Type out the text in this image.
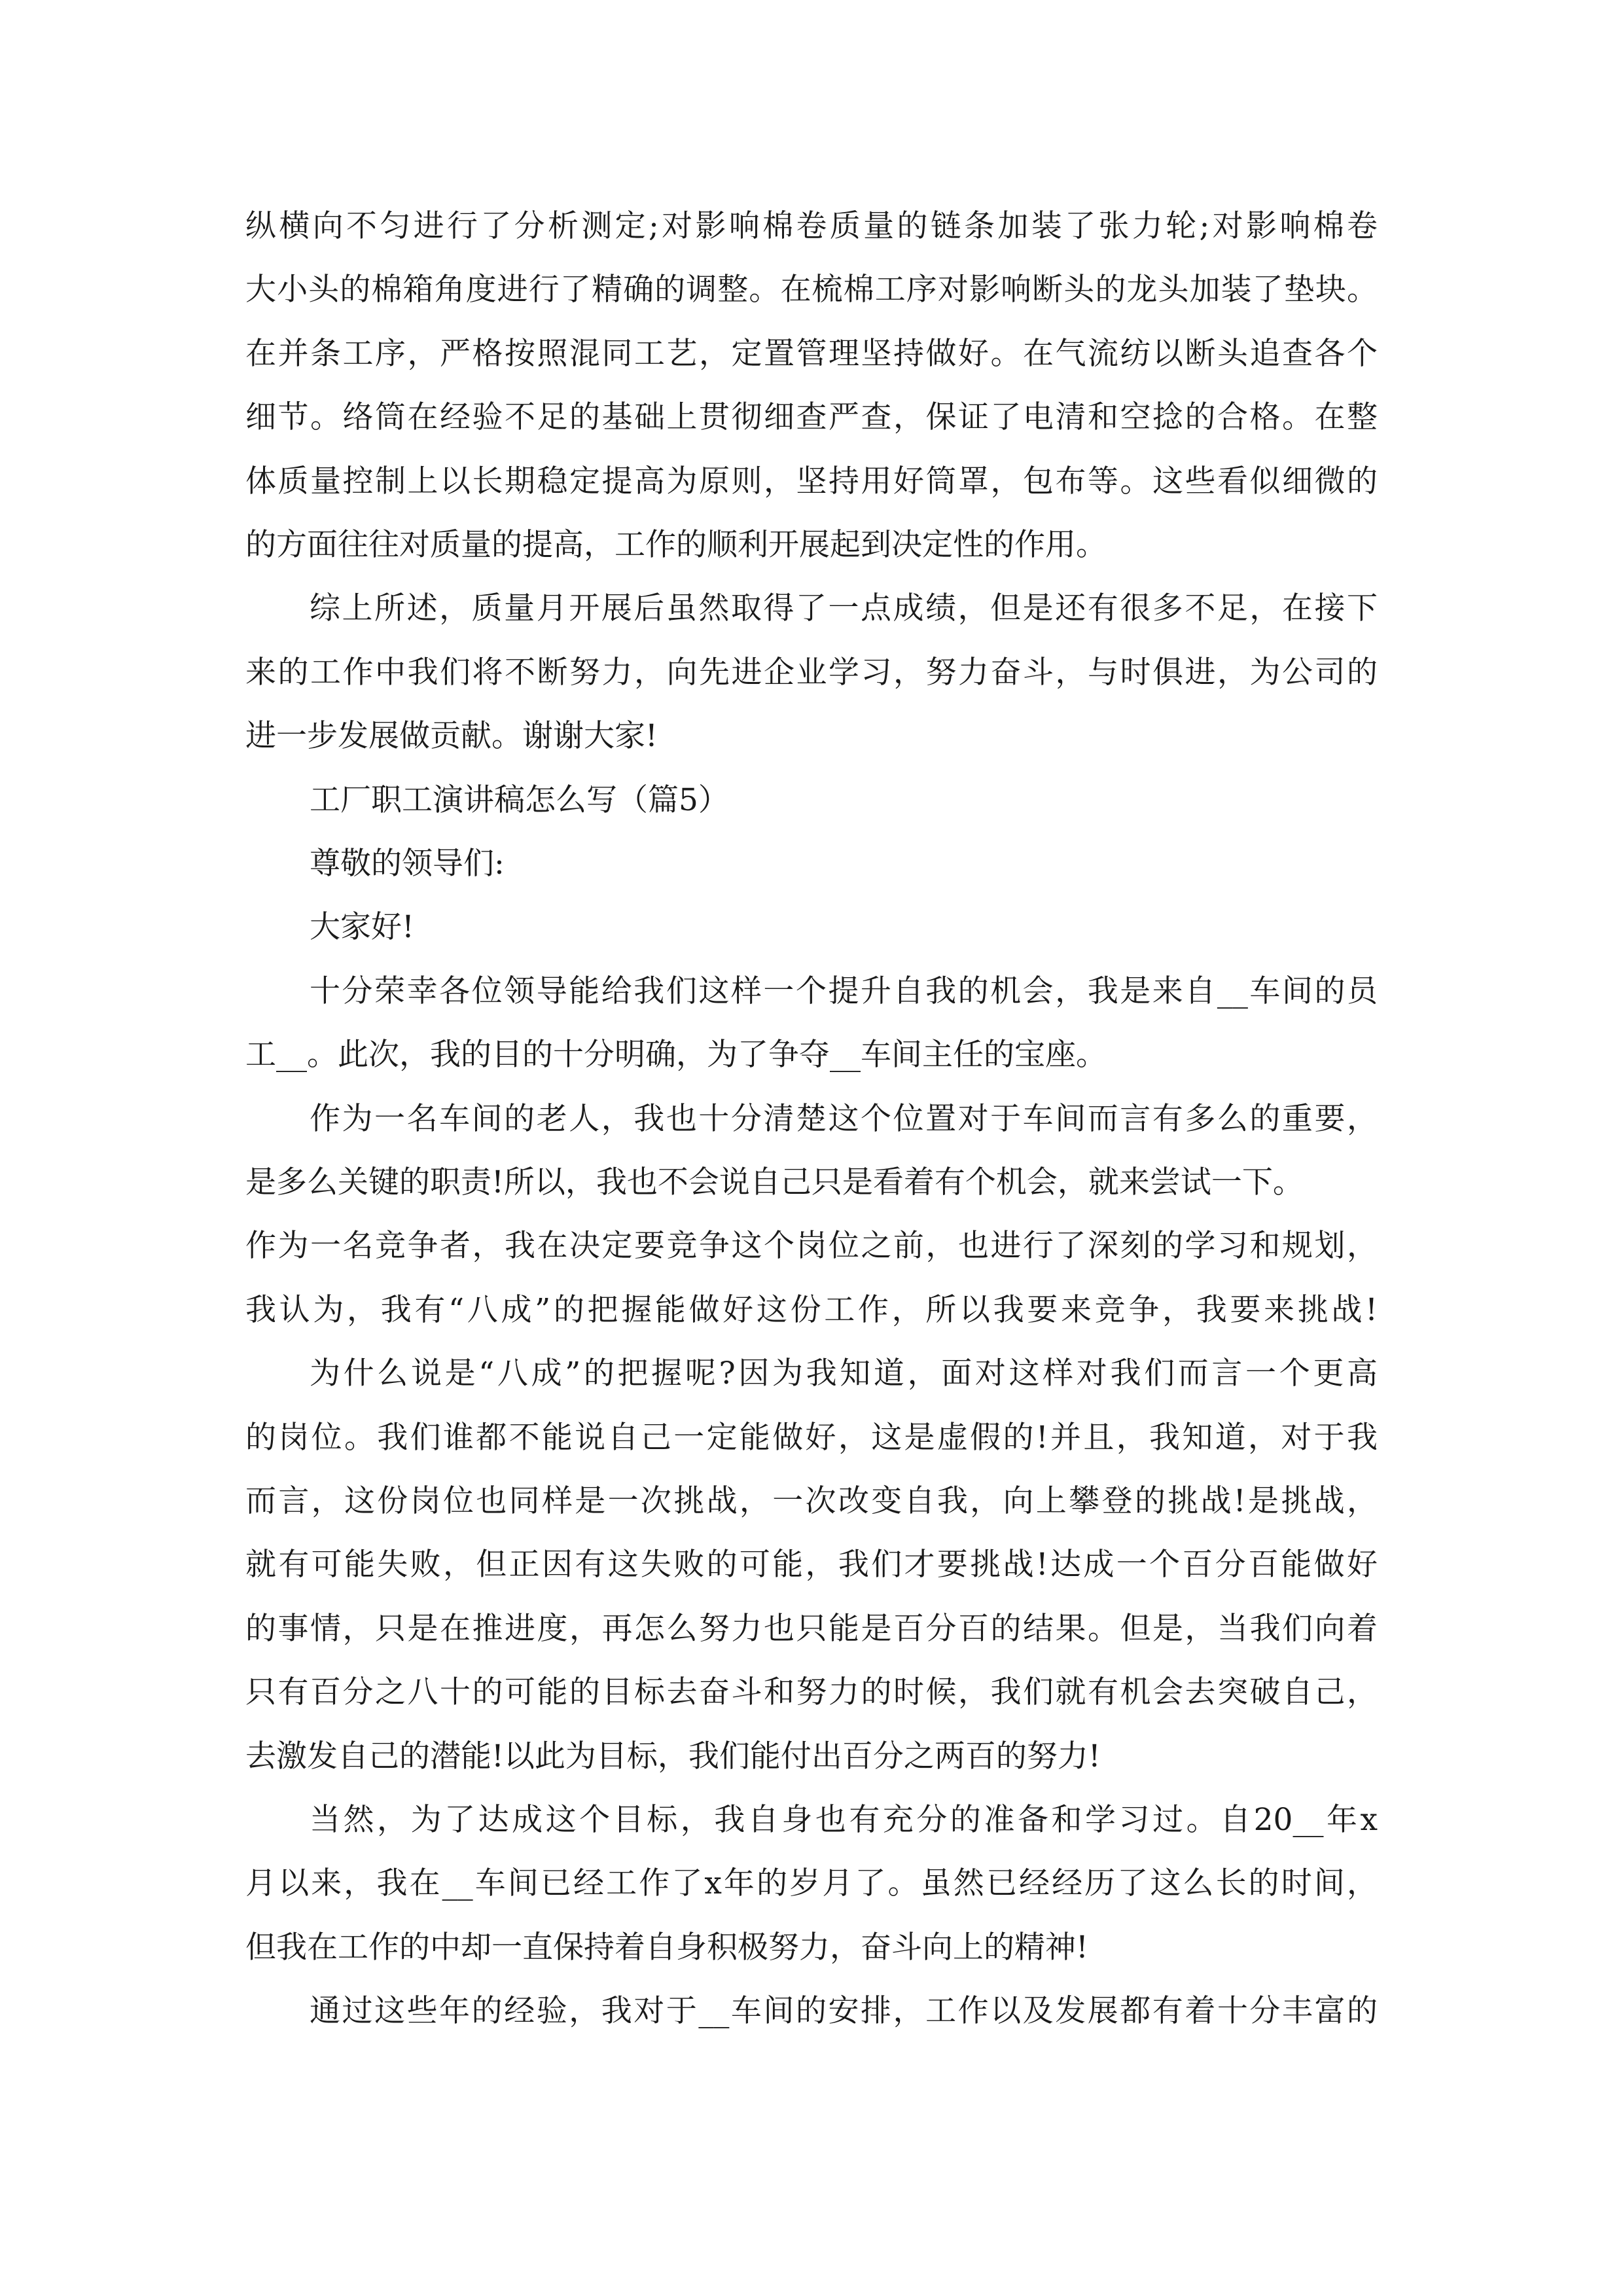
纵横向不匀进行了分析测定;对影响棉卷质量的链条加装了张力轮;对影响棉卷
大小头的棉箱角度进行了精确的调整。在梳棉工序对影响断头的龙头加装了垫块。
在并条工序，严格按照混同工艺，定置管理坚持做好。在气流纺以断头追查各个
细节。络筒在经验不足的基础上贯彻细查严查，保证了电清和空捻的合格。在整
体质量控制上以长期稳定提高为原则，坚持用好筒罩，包布等。这些看似细微的
的方面往往对质量的提高，工作的顺利开展起到决定性的作用。
综上所述，质量月开展后虽然取得了一点成绩，但是还有很多不足，在接下
来的工作中我们将不断努力，向先进企业学习，努力奋斗，与时俱进，为公司的
进一步发展做贡献。谢谢大家!
工厂职工演讲稿怎么写（篇5）
尊敬的领导们:
大家好!
十分荣幸各位领导能给我们这样一个提升自我的机会，我是来自__车间的员
工__。此次，我的目的十分明确，为了争夺__车间主任的宝座。
作为一名车间的老人，我也十分清楚这个位置对于车间而言有多么的重要，
是多么关键的职责!所以，我也不会说自己只是看着有个机会，就来尝试一下。
作为一名竞争者，我在决定要竞争这个岗位之前，也进行了深刻的学习和规划，
我认为，我有“八成”的把握能做好这份工作，所以我要来竞争，我要来挑战!
为什么说是“八成”的把握呢?因为我知道，面对这样对我们而言一个更高
的岗位。我们谁都不能说自己一定能做好，这是虚假的!并且，我知道，对于我
而言，这份岗位也同样是一次挑战，一次改变自我，向上攀登的挑战!是挑战，
就有可能失败，但正因有这失败的可能，我们才要挑战!达成一个百分百能做好
的事情，只是在推进度，再怎么努力也只能是百分百的结果。但是，当我们向着
只有百分之八十的可能的目标去奋斗和努力的时候，我们就有机会去突破自己，
去激发自己的潜能!以此为目标，我们能付出百分之两百的努力!
当然，为了达成这个目标，我自身也有充分的准备和学习过。自20__年x
月以来，我在__车间已经工作了x年的岁月了。虽然已经经历了这么长的时间，
但我在工作的中却一直保持着自身积极努力，奋斗向上的精神!
通过这些年的经验，我对于__车间的安排，工作以及发展都有着十分丰富的
